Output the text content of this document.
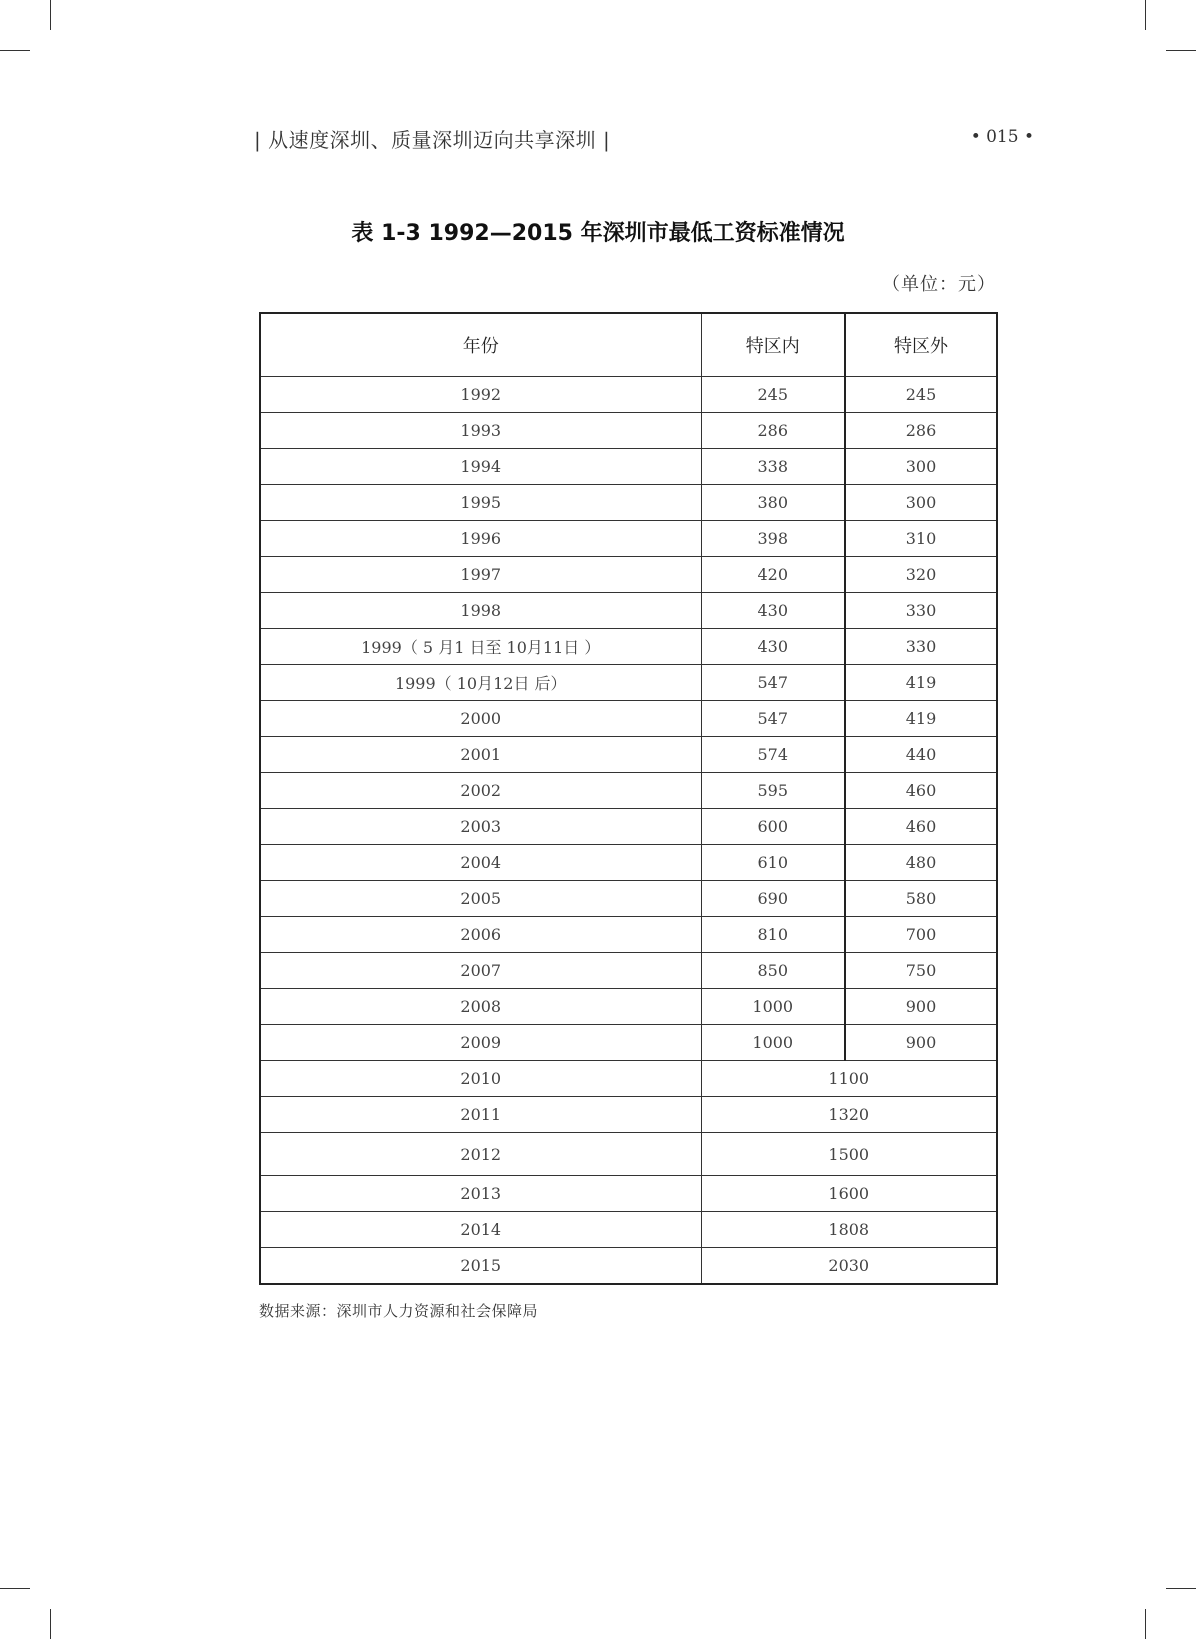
| 从速度深圳、质量深圳迈向共享深圳 |	• 015 •
表 1-3 1992—2015 年深圳市最低工资标准情况
（单位：元）
年份	特区内	特区外
1992	245	245
1993	286	286
1994	338	300
1995	380	300
1996	398	310
1997	420	320
1998	430	330
1999（ 5 月1 日至 10月11日 ）	430	330
1999（ 10月12日 后）	547	419
2000	547	419
2001	574	440
2002	595	460
2003	600	460
2004	610	480
2005	690	580
2006	810	700
2007	850	750
2008	1000	900
2009	1000	900
2010	1100	
2011	1320	
2012	1500	
2013	1600	
2014	1808	
2015	2030	
数据来源：深圳市人力资源和社会保障局
